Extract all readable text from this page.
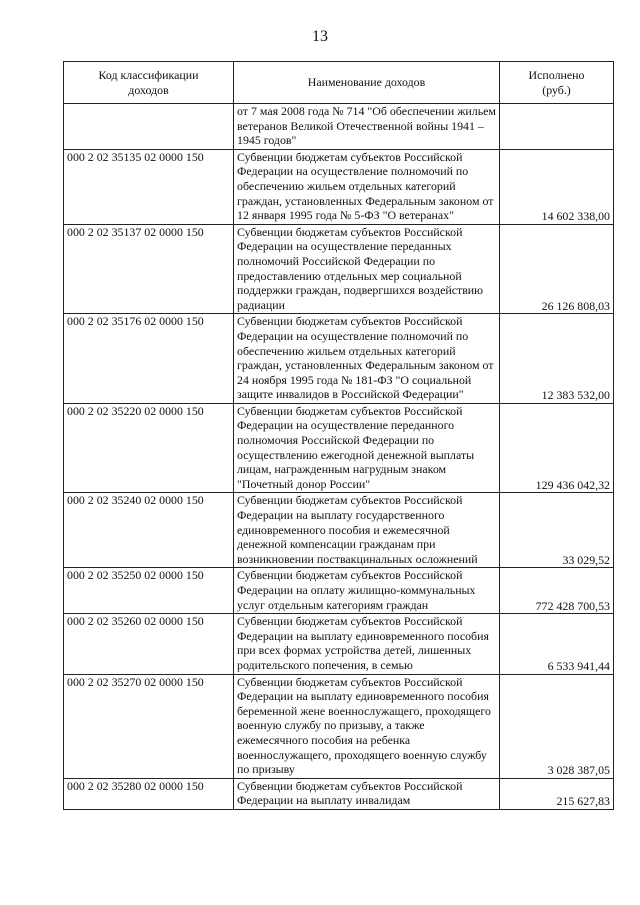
13
Код классификации
доходов	Наименование доходов	Исполнено
(руб.)
	от 7 мая 2008 года № 714 "Об обеспечении жильем ветеранов Великой Отечественной войны 1941 – 1945 годов"	
000 2 02 35135 02 0000 150	Субвенции бюджетам субъектов Российской Федерации на осуществление полномочий по обеспечению жильем отдельных категорий граждан, установленных Федеральным законом от 12 января 1995 года № 5-ФЗ "О ветеранах"	14 602 338,00
000 2 02 35137 02 0000 150	Субвенции бюджетам субъектов Российской Федерации на осуществление переданных полномочий Российской Федерации по предоставлению отдельных мер социальной поддержки граждан, подвергшихся воздействию радиации	26 126 808,03
000 2 02 35176 02 0000 150	Субвенции бюджетам субъектов Российской Федерации на осуществление полномочий по обеспечению жильем отдельных категорий граждан, установленных Федеральным законом от 24 ноября 1995 года № 181-ФЗ "О социальной защите инвалидов в Российской Федерации"	12 383 532,00
000 2 02 35220 02 0000 150	Субвенции бюджетам субъектов Российской Федерации на осуществление переданного полномочия Российской Федерации по осуществлению ежегодной денежной выплаты лицам, награжденным нагрудным знаком "Почетный донор России"	129 436 042,32
000 2 02 35240 02 0000 150	Субвенции бюджетам субъектов Российской Федерации на выплату государственного единовременного пособия и ежемесячной денежной компенсации гражданам при возникновении поствакцинальных осложнений	33 029,52
000 2 02 35250 02 0000 150	Субвенции бюджетам субъектов Российской Федерации на оплату жилищно-коммунальных услуг отдельным категориям граждан	772 428 700,53
000 2 02 35260 02 0000 150	Субвенции бюджетам субъектов Российской Федерации на выплату единовременного пособия при всех формах устройства детей, лишенных родительского попечения, в семью	6 533 941,44
000 2 02 35270 02 0000 150	Субвенции бюджетам субъектов Российской Федерации на выплату единовременного пособия беременной жене военнослужащего, проходящего военную службу по призыву, а также ежемесячного пособия на ребенка военнослужащего, проходящего военную службу по призыву	3 028 387,05
000 2 02 35280 02 0000 150	Субвенции бюджетам субъектов Российской Федерации на выплату инвалидам	215 627,83
